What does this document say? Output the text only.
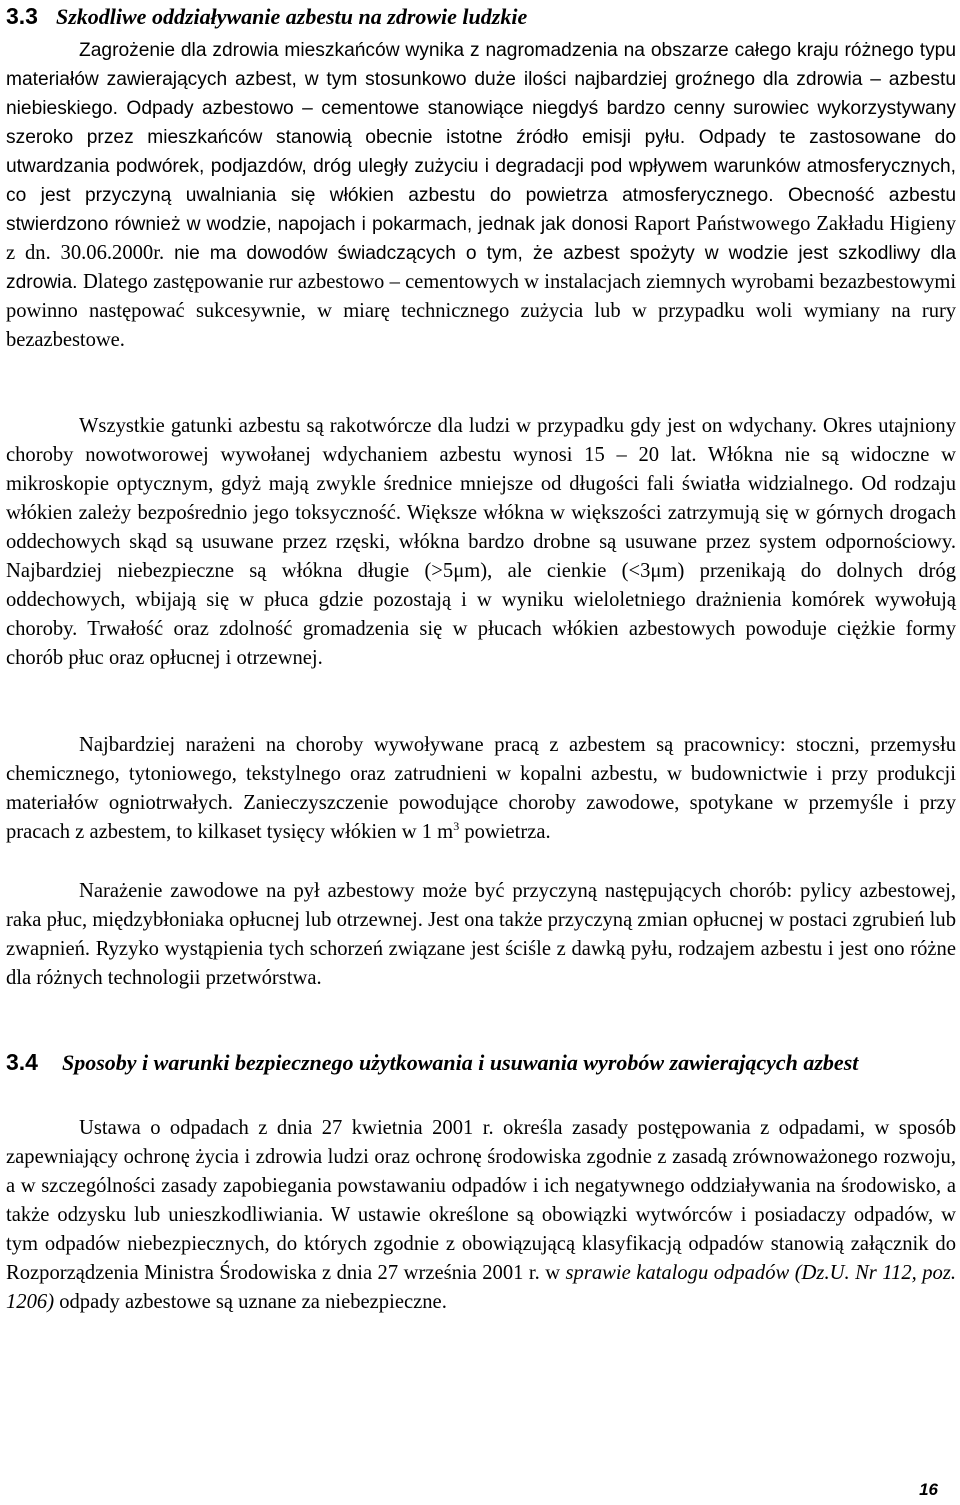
3.3 Szkodliwe oddziaływanie azbestu na zdrowie ludzkie

Zagrożenie dla zdrowia mieszkańców wynika z nagromadzenia na obszarze całego kraju różnego typu materiałów zawierających azbest, w tym stosunkowo duże ilości najbardziej groźnego dla zdrowia – azbestu niebieskiego. Odpady azbestowo – cementowe stanowiące niegdyś bardzo cenny surowiec wykorzystywany szeroko przez mieszkańców stanowią obecnie istotne źródło emisji pyłu. Odpady te zastosowane do utwardzania podwórek, podjazdów, dróg uległy zużyciu i degradacji pod wpływem warunków atmosferycznych, co jest przyczyną uwalniania się włókien azbestu do powietrza atmosferycznego. Obecność azbestu stwierdzono również w wodzie, napojach i pokarmach, jednak jak donosi Raport Państwowego Zakładu Higieny z dn. 30.06.2000r. nie ma dowodów świadczących o tym, że azbest spożyty w wodzie jest szkodliwy dla zdrowia. Dlatego zastępowanie rur azbestowo – cementowych w instalacjach ziemnych wyrobami bezazbestowymi powinno następować sukcesywnie, w miarę technicznego zużycia lub w przypadku woli wymiany na rury bezazbestowe.

Wszystkie gatunki azbestu są rakotwórcze dla ludzi w przypadku gdy jest on wdychany. Okres utajniony choroby nowotworowej wywołanej wdychaniem azbestu wynosi 15 – 20 lat. Włókna nie są widoczne w mikroskopie optycznym, gdyż mają zwykle średnice mniejsze od długości fali światła widzialnego. Od rodzaju włókien zależy bezpośrednio jego toksyczność. Większe włókna w większości zatrzymują się w górnych drogach oddechowych skąd są usuwane przez rzęski, włókna bardzo drobne są usuwane przez system odpornościowy. Najbardziej niebezpieczne są włókna długie (>5μm), ale cienkie (<3μm) przenikają do dolnych dróg oddechowych, wbijają się w płuca gdzie pozostają i w wyniku wieloletniego drażnienia komórek wywołują choroby. Trwałość oraz zdolność gromadzenia się w płucach włókien azbestowych powoduje ciężkie formy chorób płuc oraz opłucnej i otrzewnej.

Najbardziej narażeni na choroby wywoływane pracą z azbestem są pracownicy: stoczni, przemysłu chemicznego, tytoniowego, tekstylnego oraz zatrudnieni w kopalni azbestu, w budownictwie i przy produkcji materiałów ogniotrwałych. Zanieczyszczenie powodujące choroby zawodowe, spotykane w przemyśle i przy pracach z azbestem, to kilkaset tysięcy włókien w 1 $m^3$ powietrza.

Narażenie zawodowe na pył azbestowy może być przyczyną następujących chorób: pylicy azbestowej, raka płuc, międzybłoniaka opłucnej lub otrzewnej. Jest ona także przyczyną zmian opłucnej w postaci zgrubień lub zwapnień. Ryzyko wystąpienia tych schorzeń związane jest ściśle z dawką pyłu, rodzajem azbestu i jest ono różne dla różnych technologii przetwórstwa.

3.4	Sposoby i warunki bezpiecznego użytkowania i usuwania wyrobów zawierających azbest

Ustawa o odpadach z dnia 27 kwietnia 2001 r. określa zasady postępowania z odpadami, w sposób zapewniający ochronę życia i zdrowia ludzi oraz ochronę środowiska zgodnie z zasadą zrównoważonego rozwoju, a w szczególności zasady zapobiegania powstawaniu odpadów i ich negatywnego oddziaływania na środowisko, a także odzysku lub unieszkodliwiania. W ustawie określone są obowiązki wytwórców i posiadaczy odpadów, w tym odpadów niebezpiecznych, do których zgodnie z obowiązującą klasyfikacją odpadów stanowią załącznik do Rozporządzenia Ministra Środowiska z dnia 27 września 2001 r. w sprawie katalogu odpadów (Dz.U. Nr 112, poz. 1206) odpady azbestowe są uznane za niebezpieczne.

16
